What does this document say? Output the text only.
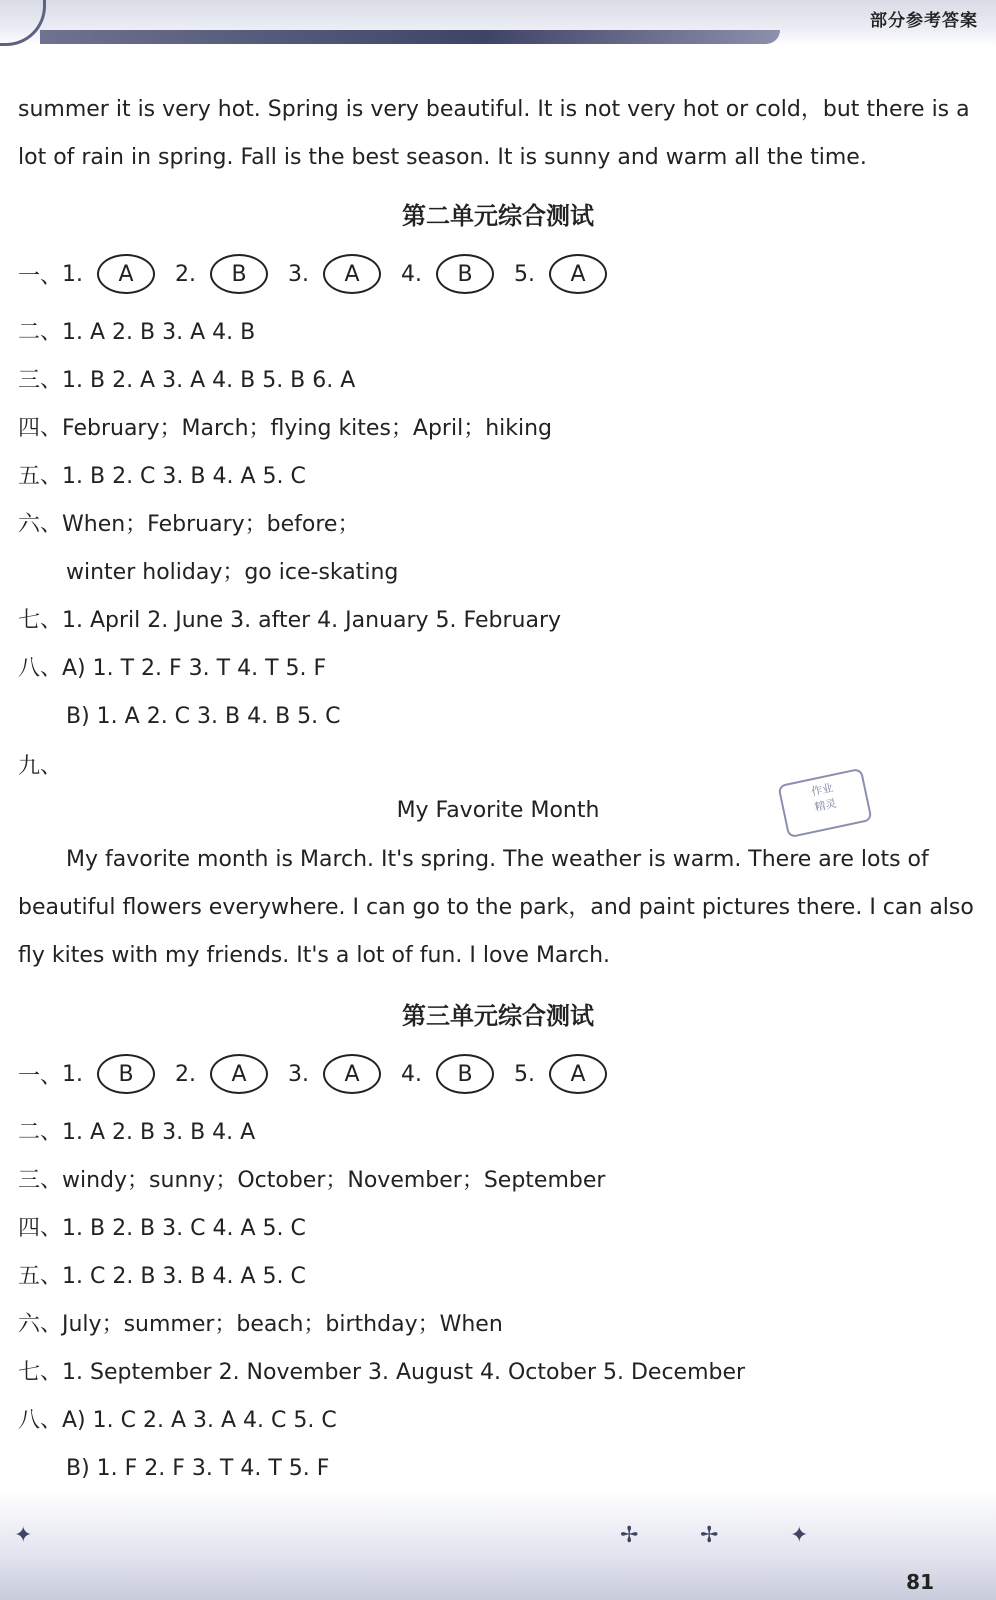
部分参考答案
summer it is very hot. Spring is very beautiful. It is not very hot or cold，but there is a
lot of rain in spring. Fall is the best season. It is sunny and warm all the time.
第二单元综合测试
一、 1.	A	2.	B	3.	A	4.	B	5.	A
二、1. A 2. B 3. A 4. B
三、1. B 2. A 3. A 4. B 5. B 6. A
四、February；March；flying kites；April；hiking
五、1. B 2. C 3. B 4. A 5. C
六、When；February；before；
winter holiday；go ice-skating
七、1. April 2. June 3. after 4. January 5. February
八、A) 1. T 2. F 3. T 4. T 5. F
B) 1. A 2. C 3. B 4. B 5. C
九、
My Favorite Month
作业
精灵
My favorite month is March. It's spring. The weather is warm. There are lots of
beautiful flowers everywhere. I can go to the park，and paint pictures there. I can also
fly kites with my friends. It's a lot of fun. I love March.
第三单元综合测试
一、 1.	B	2.	A	3.	A	4.	B	5.	A
二、1. A 2. B 3. B 4. A
三、windy；sunny；October；November；September
四、1. B 2. B 3. C 4. A 5. C
五、1. C 2. B 3. B 4. A 5. C
六、July；summer；beach；birthday；When
七、1. September 2. November 3. August 4. October 5. December
八、A) 1. C 2. A 3. A 4. C 5. C
B) 1. F 2. F 3. T 4. T 5. F
✦	✢	✢	✦
81
